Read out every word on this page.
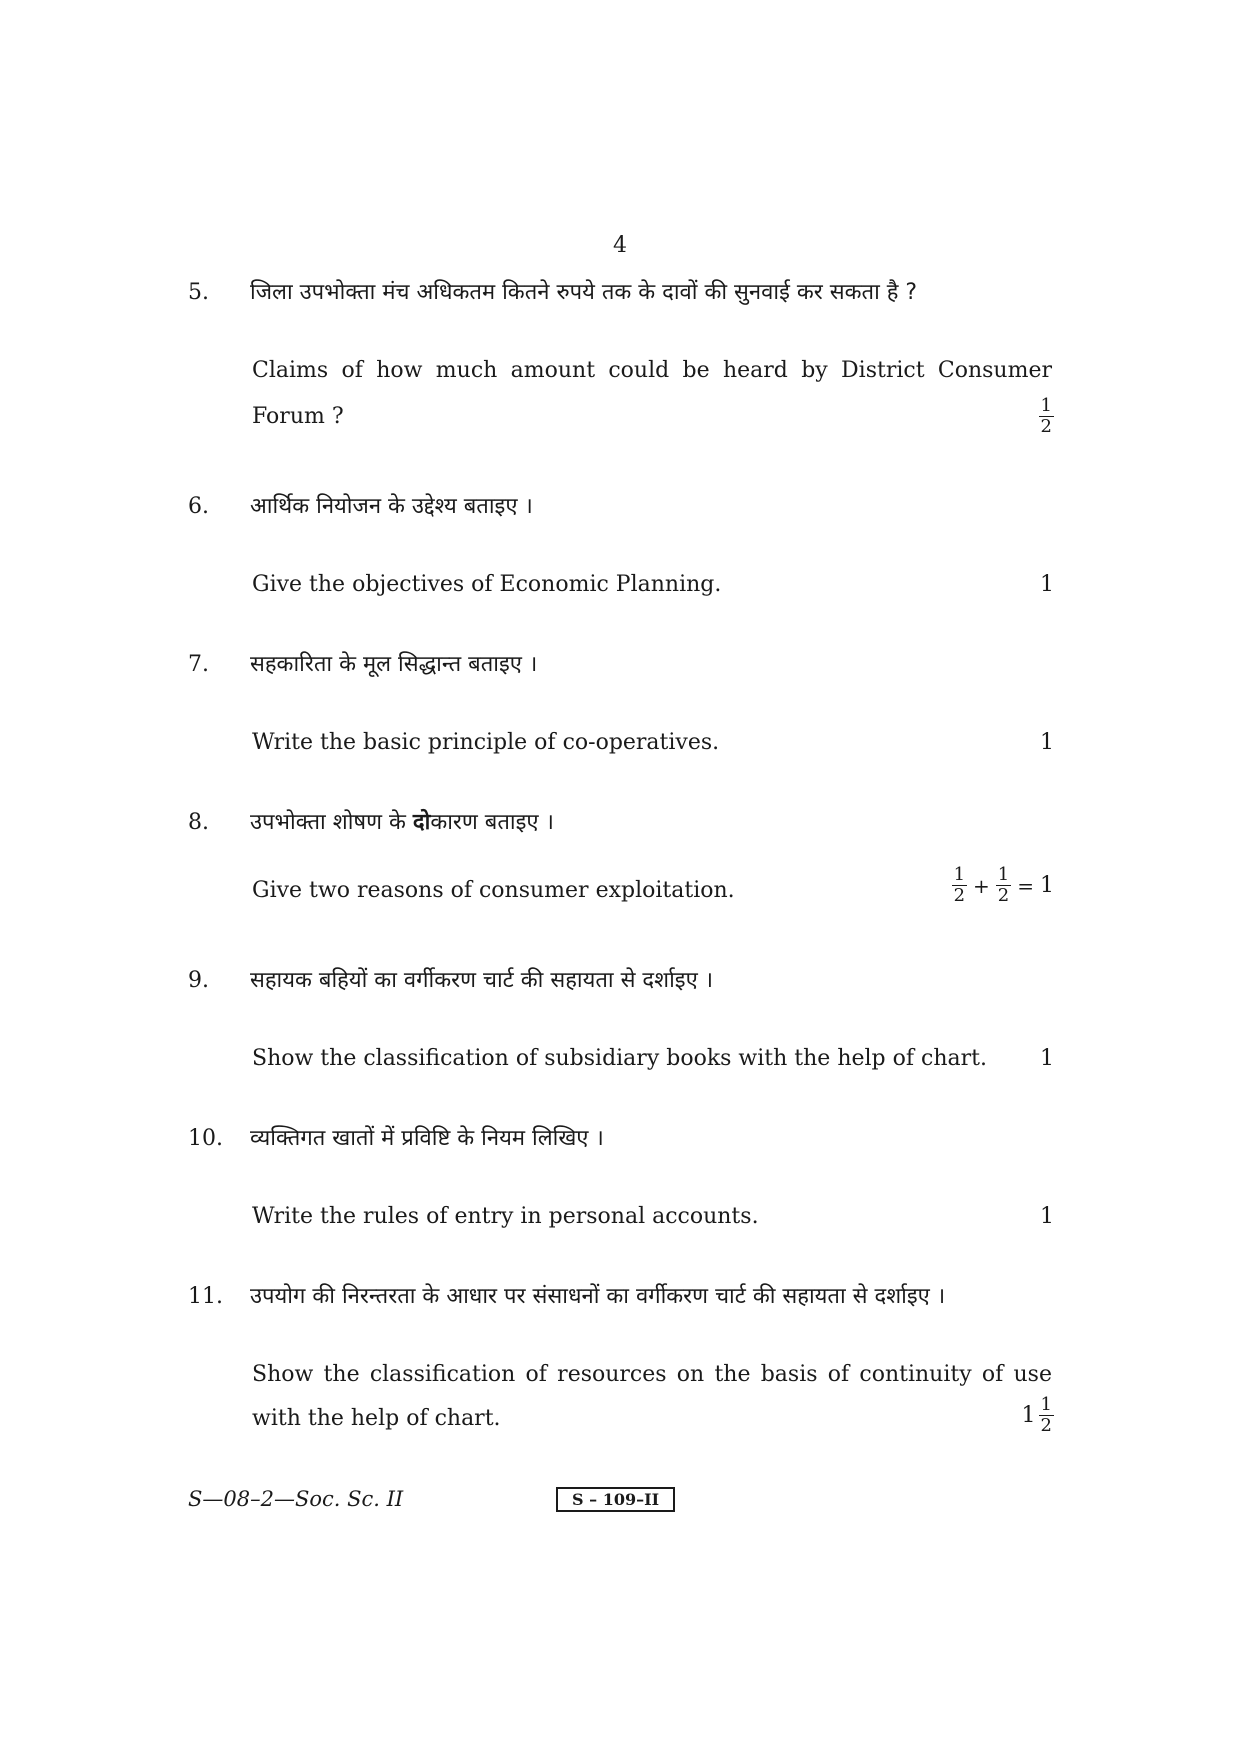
4
5. जिला उपभोक्ता मंच अधिकतम कितने रुपये तक के दावों की सुनवाई कर सकता है ?
Claims of how much amount could be heard by District Consumer
Forum ?	$\frac{1}{2}$
6. आर्थिक नियोजन के उद्देश्य बताइए ।
Give the objectives of Economic Planning.	1
7. सहकारिता के मूल सिद्धान्त बताइए ।
Write the basic principle of co-operatives.	1
8. उपभोक्ता शोषण के दोकारण बताइए ।
Give two reasons of consumer exploitation.	$\frac{1}{2} + \frac{1}{2} = 1$
9. सहायक बहियों का वर्गीकरण चार्ट की सहायता से दर्शाइए ।
Show the classification of subsidiary books with the help of chart. 1
10. व्यक्तिगत खातों में प्रविष्टि के नियम लिखिए ।
Write the rules of entry in personal accounts.	1
11. उपयोग की निरन्तरता के आधार पर संसाधनों का वर्गीकरण चार्ट की सहायता से दर्शाइए ।
Show the classification of resources on the basis of continuity of use
with the help of chart.	$1 \frac{1}{2}$
S—08–2—Soc. Sc. II	S – 109–II
